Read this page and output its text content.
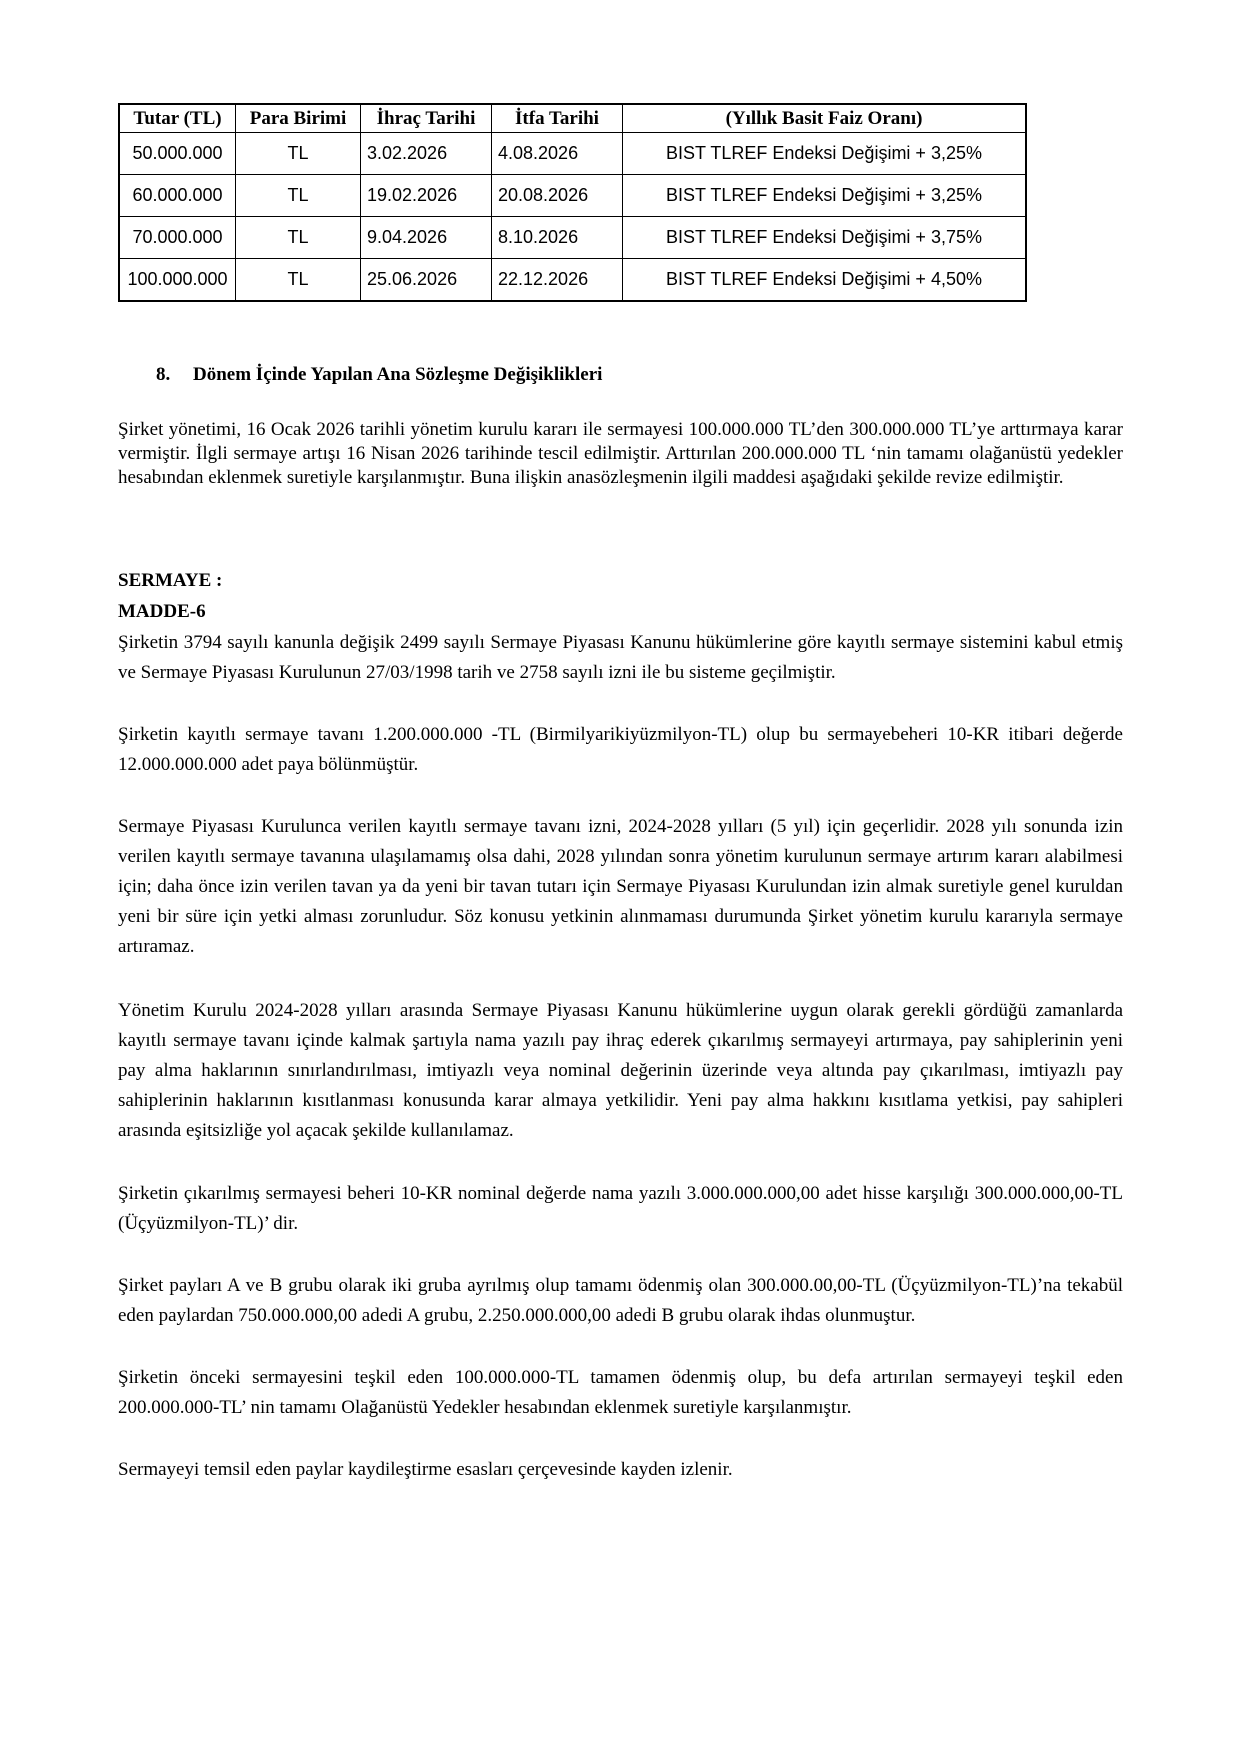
Tutar (TL)	Para Birimi	İhraç Tarihi	İtfa Tarihi	(Yıllık Basit Faiz Oranı)
50.000.000	TL	3.02.2026	4.08.2026	BIST TLREF Endeksi Değişimi + 3,25%
60.000.000	TL	19.02.2026	20.08.2026	BIST TLREF Endeksi Değişimi + 3,25%
70.000.000	TL	9.04.2026	8.10.2026	BIST TLREF Endeksi Değişimi + 3,75%
100.000.000	TL	25.06.2026	22.12.2026	BIST TLREF Endeksi Değişimi + 4,50%
8. Dönem İçinde Yapılan Ana Sözleşme Değişiklikleri
Şirket yönetimi, 16 Ocak 2026 tarihli yönetim kurulu kararı ile sermayesi 100.000.000 TL’den 300.000.000 TL’ye arttırmaya karar vermiştir. İlgli sermaye artışı 16 Nisan 2026 tarihinde tescil edilmiştir. Arttırılan 200.000.000 TL ‘nin tamamı olağanüstü yedekler hesabından eklenmek suretiyle karşılanmıştır. Buna ilişkin anasözleşmenin ilgili maddesi aşağıdaki şekilde revize edilmiştir.
SERMAYE :
MADDE-6
Şirketin 3794 sayılı kanunla değişik 2499 sayılı Sermaye Piyasası Kanunu hükümlerine göre kayıtlı sermaye sistemini kabul etmiş ve Sermaye Piyasası Kurulunun 27/03/1998 tarih ve 2758 sayılı izni ile bu sisteme geçilmiştir.
Şirketin kayıtlı sermaye tavanı 1.200.000.000 -TL (Birmilyarikiyüzmilyon-TL) olup bu sermayebeheri 10-KR itibari değerde 12.000.000.000 adet paya bölünmüştür.
Sermaye Piyasası Kurulunca verilen kayıtlı sermaye tavanı izni, 2024-2028 yılları (5 yıl) için geçerlidir. 2028 yılı sonunda izin verilen kayıtlı sermaye tavanına ulaşılamamış olsa dahi, 2028 yılından sonra yönetim kurulunun sermaye artırım kararı alabilmesi için; daha önce izin verilen tavan ya da yeni bir tavan tutarı için Sermaye Piyasası Kurulundan izin almak suretiyle genel kuruldan yeni bir süre için yetki alması zorunludur. Söz konusu yetkinin alınmaması durumunda Şirket yönetim kurulu kararıyla sermaye artıramaz.
Yönetim Kurulu 2024-2028 yılları arasında Sermaye Piyasası Kanunu hükümlerine uygun olarak gerekli gördüğü zamanlarda kayıtlı sermaye tavanı içinde kalmak şartıyla nama yazılı pay ihraç ederek çıkarılmış sermayeyi artırmaya, pay sahiplerinin yeni pay alma haklarının sınırlandırılması, imtiyazlı veya nominal değerinin üzerinde veya altında pay çıkarılması, imtiyazlı pay sahiplerinin haklarının kısıtlanması konusunda karar almaya yetkilidir. Yeni pay alma hakkını kısıtlama yetkisi, pay sahipleri arasında eşitsizliğe yol açacak şekilde kullanılamaz.
Şirketin çıkarılmış sermayesi beheri 10-KR nominal değerde nama yazılı 3.000.000.000,00 adet hisse karşılığı 300.000.000,00-TL (Üçyüzmilyon-TL)’ dir.
Şirket payları A ve B grubu olarak iki gruba ayrılmış olup tamamı ödenmiş olan 300.000.00,00-TL (Üçyüzmilyon-TL)’na tekabül eden paylardan 750.000.000,00 adedi A grubu, 2.250.000.000,00 adedi B grubu olarak ihdas olunmuştur.
Şirketin önceki sermayesini teşkil eden 100.000.000-TL tamamen ödenmiş olup, bu defa artırılan sermayeyi teşkil eden 200.000.000-TL’ nin tamamı Olağanüstü Yedekler hesabından eklenmek suretiyle karşılanmıştır.
Sermayeyi temsil eden paylar kaydileştirme esasları çerçevesinde kayden izlenir.
